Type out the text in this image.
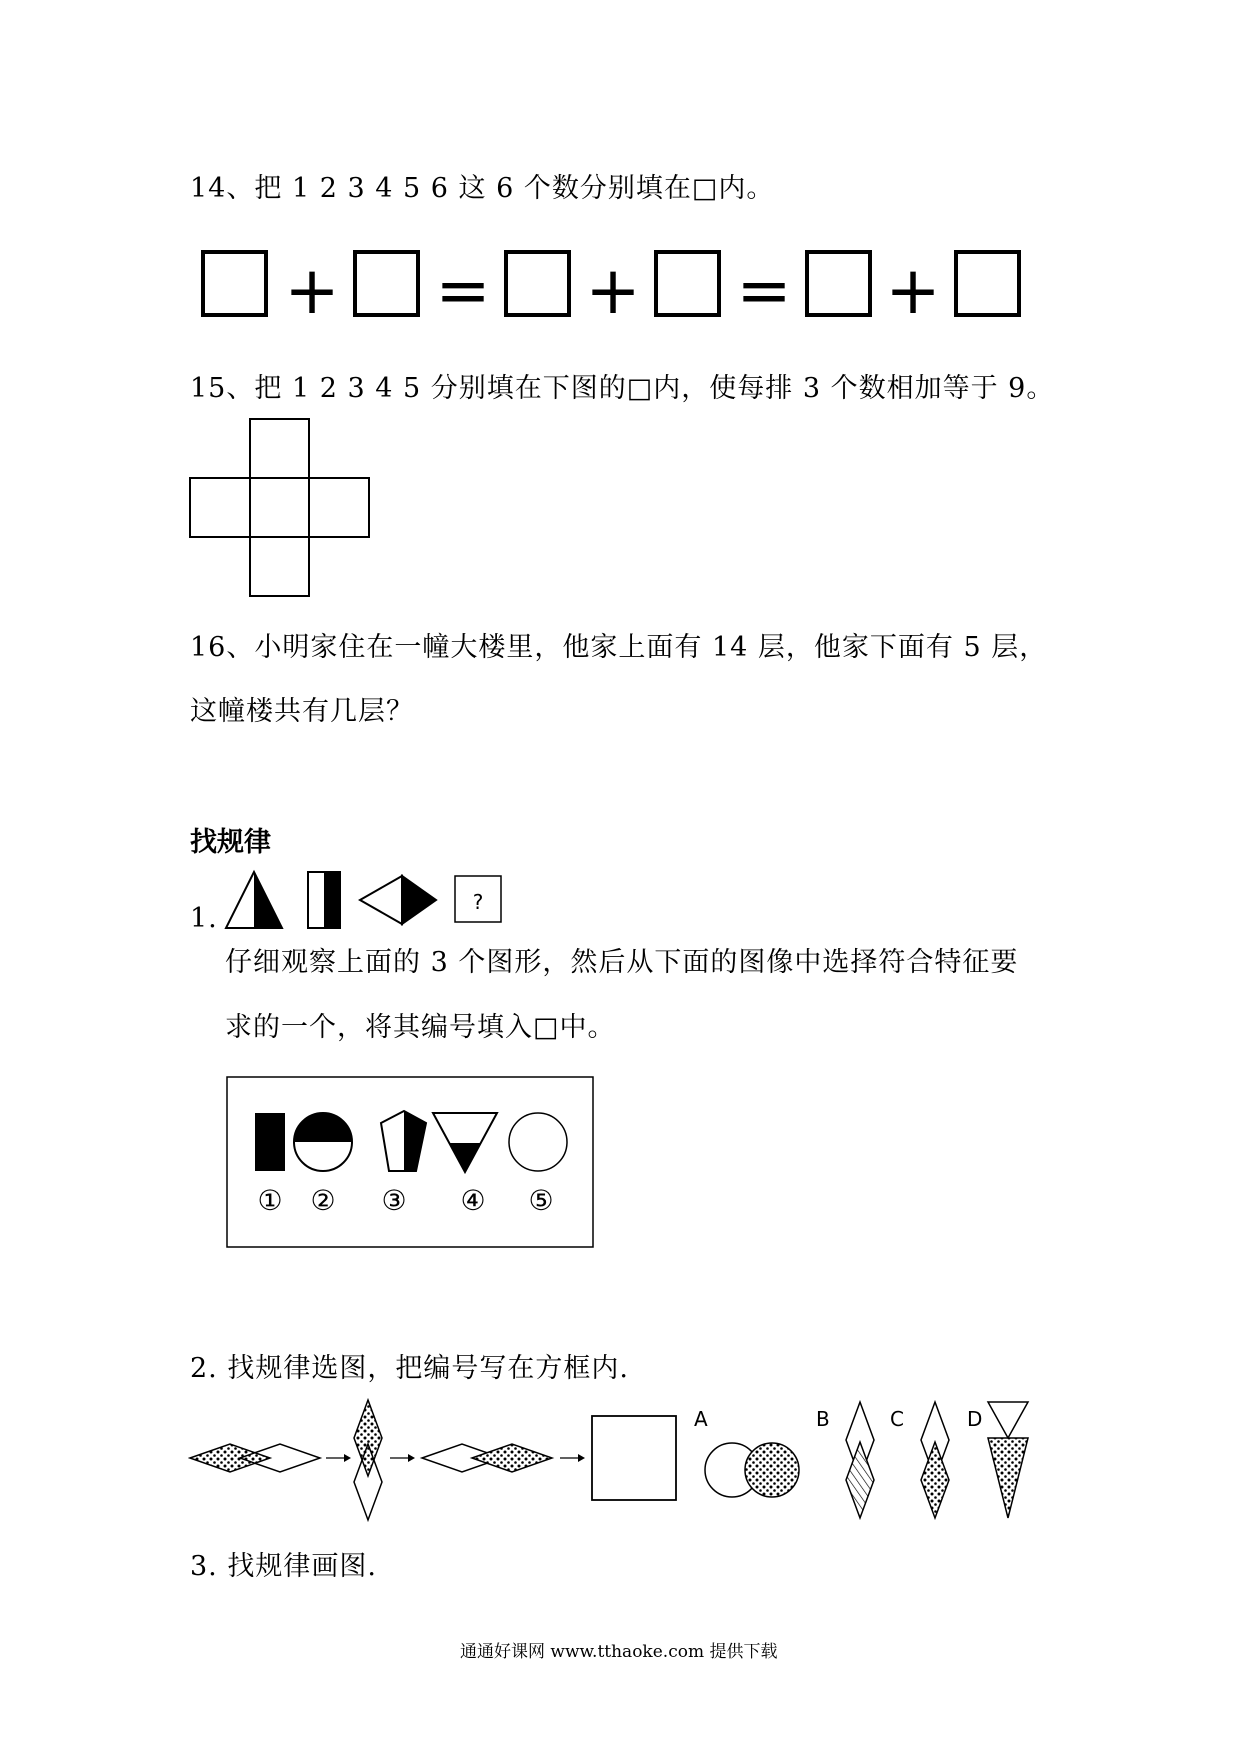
14、把 1 2 3 4 5 6 这 6 个数分别填在□内。
+ = + = +
15、把 1 2 3 4 5 分别填在下图的□内，使每排 3 个数相加等于 9。
16、小明家住在一幢大楼里，他家上面有 14 层，他家下面有 5 层，
这幢楼共有几层？
找规律
1.
?
仔细观察上面的 3 个图形，然后从下面的图像中选择符合特征要
求的一个，将其编号填入□中。
① ② ③ ④ ⑤
2. 找规律选图，把编号写在方框内.
A	B	C	D
3. 找规律画图.
通通好课网 www.tthaoke.com 提供下载
